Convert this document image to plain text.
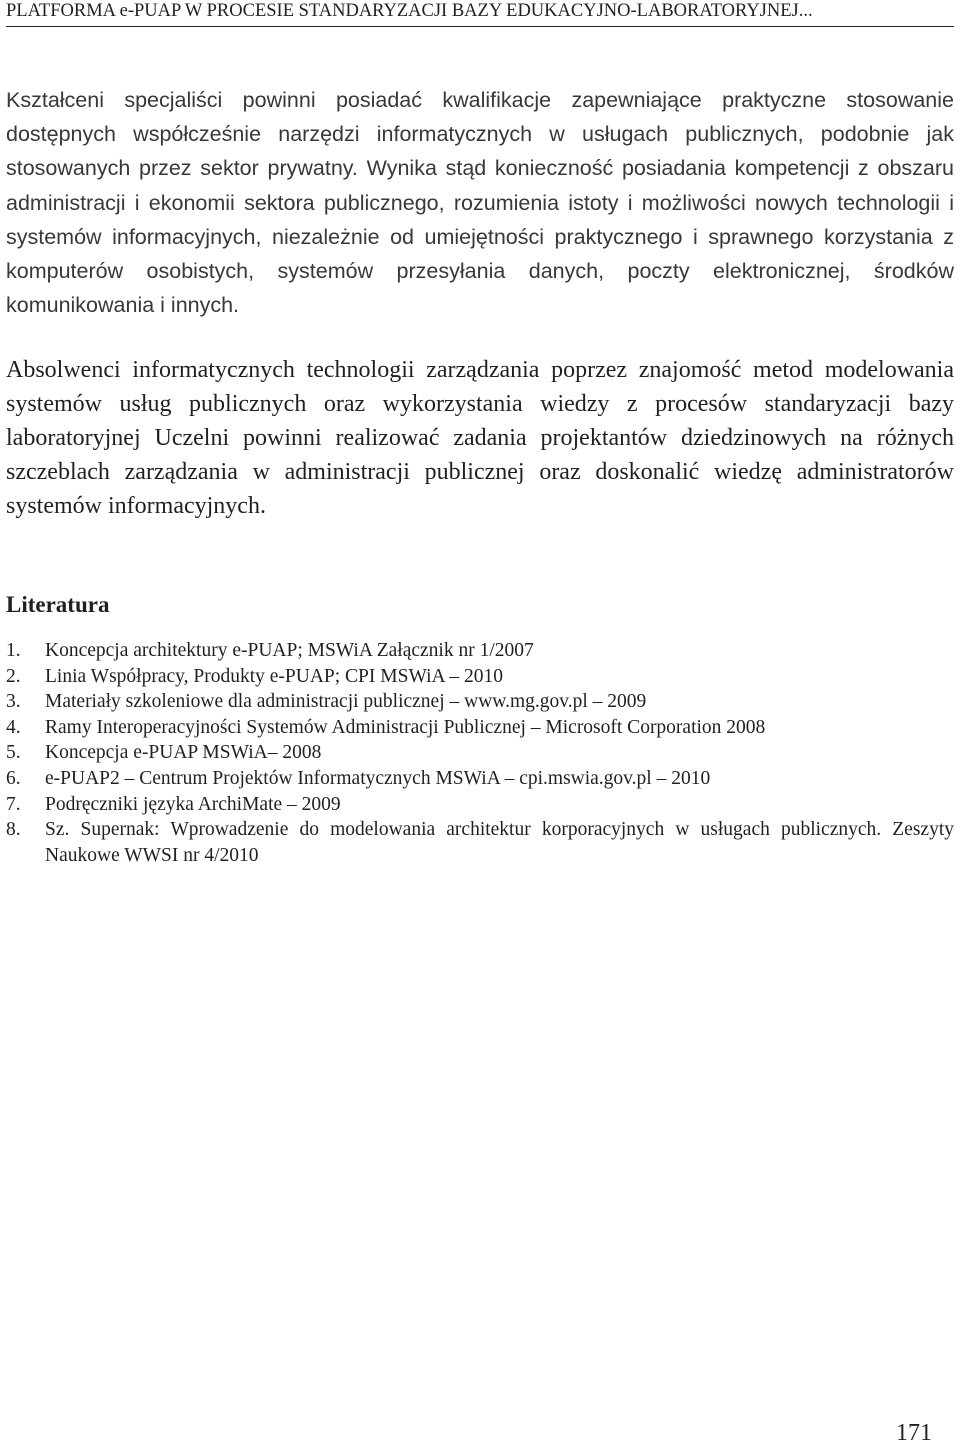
PLATFORMA e-PUAP W PROCESIE STANDARYZACJI BAZY EDUKACYJNO-LABORATORYJNEJ...

Kształceni specjaliści powinni posiadać kwalifikacje zapewniające praktyczne stosowanie dostępnych współcześnie narzędzi informatycznych w usługach publicznych, podobnie jak stosowanych przez sektor prywatny. Wynika stąd konieczność posiadania kompetencji z obszaru administracji i ekonomii sektora publicznego, rozumienia istoty i możliwości nowych technologii i systemów informacyjnych, niezależnie od umiejętności praktycznego i sprawnego korzystania z komputerów osobistych, systemów przesyłania danych, poczty elektronicznej, środków komunikowania i innych.

Absolwenci informatycznych technologii zarządzania poprzez znajomość metod modelowania systemów usług publicznych oraz wykorzystania wiedzy z procesów standaryzacji bazy laboratoryjnej Uczelni powinni realizować zadania projektantów dziedzinowych na różnych szczeblach zarządzania w administracji publicznej oraz doskonalić wiedzę administratorów systemów informacyjnych.

Literatura
1.	Koncepcja architektury e-PUAP; MSWiA Załącznik nr 1/2007
2.	Linia Współpracy, Produkty e-PUAP; CPI MSWiA – 2010
3.	Materiały szkoleniowe dla administracji publicznej – www.mg.gov.pl – 2009
4.	Ramy Interoperacyjności Systemów Administracji Publicznej – Microsoft Corporation 2008
5.	Koncepcja e-PUAP MSWiA– 2008
6.	e-PUAP2 – Centrum Projektów Informatycznych MSWiA – cpi.mswia.gov.pl – 2010
7.	Podręczniki języka ArchiMate – 2009
8.	Sz. Supernak: Wprowadzenie do modelowania architektur korporacyjnych w usługach publicznych. Zeszyty Naukowe WWSI nr 4/2010
171
